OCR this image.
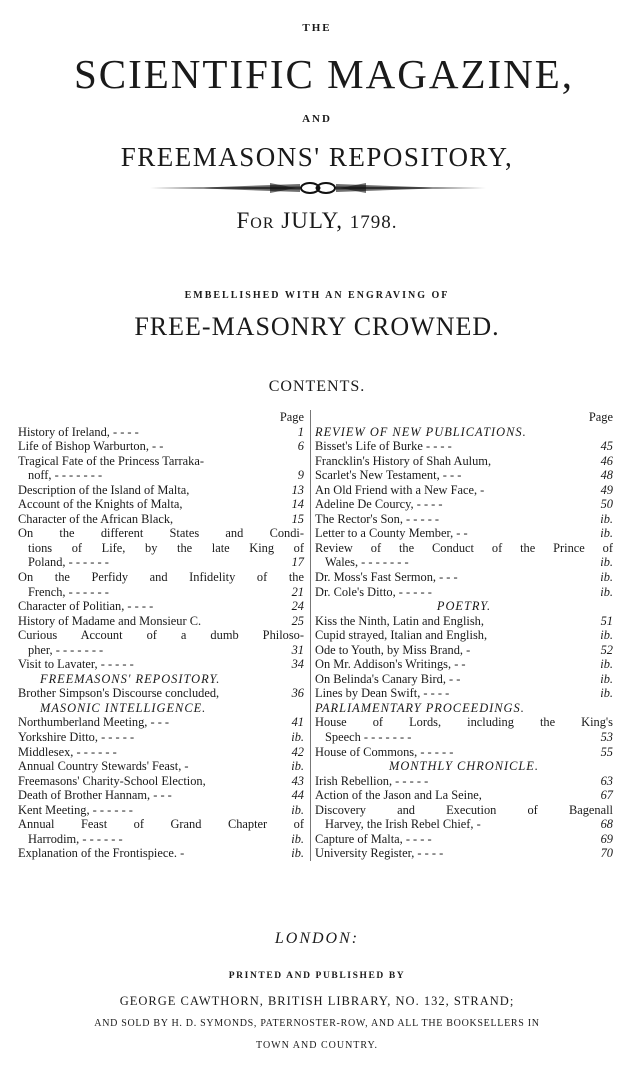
THE
SCIENTIFIC MAGAZINE,
AND
FREEMASONS' REPOSITORY,
For JULY, 1798.
EMBELLISHED WITH AN ENGRAVING OF
FREE-MASONRY CROWNED.
CONTENTS.
Page
History of Ireland, - - - -	1
Life of Bishop Warburton, - -	6
Tragical Fate of the Princess Tarraka-
noff, - - - - - - -	9
Description of the Island of Malta,	13
Account of the Knights of Malta,	14
Character of the African Black,	15
On the different States and Condi-
tions of Life, by the late King of
Poland, - - - - - -	17
On the Perfidy and Infidelity of the
French, - - - - - -	21
Character of Politian, - - - -	24
History of Madame and Monsieur C.	25
Curious Account of a dumb Philoso-
pher, - - - - - - -	31
Visit to Lavater, - - - - -	34
FREEMASONS' REPOSITORY.
Brother Simpson's Discourse concluded,	36
MASONIC INTELLIGENCE.
Northumberland Meeting, - - -	41
Yorkshire Ditto, - - - - -	ib.
Middlesex, - - - - - -	42
Annual Country Stewards' Feast, -	ib.
Freemasons' Charity-School Election,	43
Death of Brother Hannam, - - -	44
Kent Meeting, - - - - - -	ib.
Annual Feast of Grand Chapter of
Harrodim, - - - - - -	ib.
Explanation of the Frontispiece. -	ib.
Page
REVIEW OF NEW PUBLICATIONS.
Bisset's Life of Burke - - - -	45
Francklin's History of Shah Aulum,	46
Scarlet's New Testament, - - -	48
An Old Friend with a New Face, -	49
Adeline De Courcy, - - - -	50
The Rector's Son, - - - - -	ib.
Letter to a County Member, - -	ib.
Review of the Conduct of the Prince of
Wales, - - - - - - -	ib.
Dr. Moss's Fast Sermon, - - -	ib.
Dr. Cole's Ditto, - - - - -	ib.
POETRY.
Kiss the Ninth, Latin and English,	51
Cupid strayed, Italian and English,	ib.
Ode to Youth, by Miss Brand, -	52
On Mr. Addison's Writings, - -	ib.
On Belinda's Canary Bird, - -	ib.
Lines by Dean Swift, - - - -	ib.
PARLIAMENTARY PROCEEDINGS.
House of Lords, including the King's
Speech - - - - - - -	53
House of Commons, - - - - -	55
MONTHLY CHRONICLE.
Irish Rebellion, - - - - -	63
Action of the Jason and La Seine,	67
Discovery and Execution of Bagenall
Harvey, the Irish Rebel Chief, -	68
Capture of Malta, - - - -	69
University Register, - - - -	70
LONDON:
PRINTED AND PUBLISHED BY
GEORGE CAWTHORN, BRITISH LIBRARY, NO. 132, STRAND;
AND SOLD BY H. D. SYMONDS, PATERNOSTER-ROW, AND ALL THE BOOKSELLERS IN
TOWN AND COUNTRY.
